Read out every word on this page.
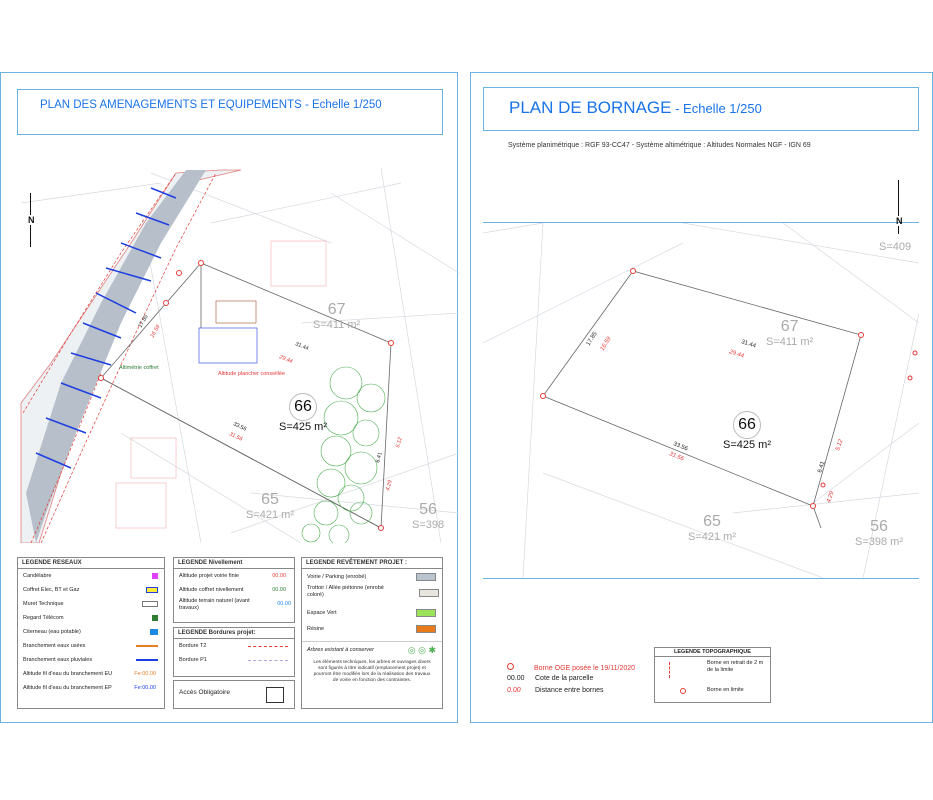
PLAN DES AMENAGEMENTS ET EQUIPEMENTS - Echelle 1/250
31.44
29.44
33.56
31.56
17.85
16.59
5.12
4.29
6.41
Altimétrie coffret
Altitude plancher conseillée
N
67
S=411 m²
66
S=425 m²
65
S=421 m²	56
S=398
LEGENDE RESEAUX
Candélabre
Coffret Elec, BT et Gaz
Muret Technique
Regard Télécom
Citerneau (eau potable)
Branchement eaux usées
Branchement eaux pluviales
Altitude fil d'eau du branchement EU	Fe:00.00
Altitude fil d'eau du branchement EP	Fe:00.00
LEGENDE Nivellement
Altitude projet voirie finie	00.00
Altitude coffret nivellement	00.00
Altitude terrain naturel (avant travaux)
00.00
LEGENDE Bordures projet:
Bordure T2
Bordure P1
Accès Obligatoire
LEGENDE REVÊTEMENT PROJET :
Voirie / Parking (enrobé)
Trottoir / Allée piétonne (enrobé coloré)
Espace Vert
Résine
Arbres existant à conserver	◎ ◎ ✱
Les éléments techniques, les arbres et ouvrages divers sont figurés à titre indicatif (emplacement projet) et pourront être modifiés lors de la réalisation des travaux de voirie en fonction des contraintes.
PLAN DE BORNAGE - Echelle 1/250
Système planimétrique : RGF 93-CC47 - Système altimétrique : Altitudes Normales NGF - IGN 69
31.44
29.44
33.56
31.56
17.85 16.59
5.12
4.29
6.41
67
S=411 m²
66
S=425 m²
65
S=421 m²
56
S=398 m²
S=409
N
Borne OGE posée le 19/11/2020
00.00 Cote de la parcelle
0.00 Distance entre bornes
LEGENDE TOPOGRAPHIQUE
Borne en retrait de 2 m de la limite
Borne en limite
